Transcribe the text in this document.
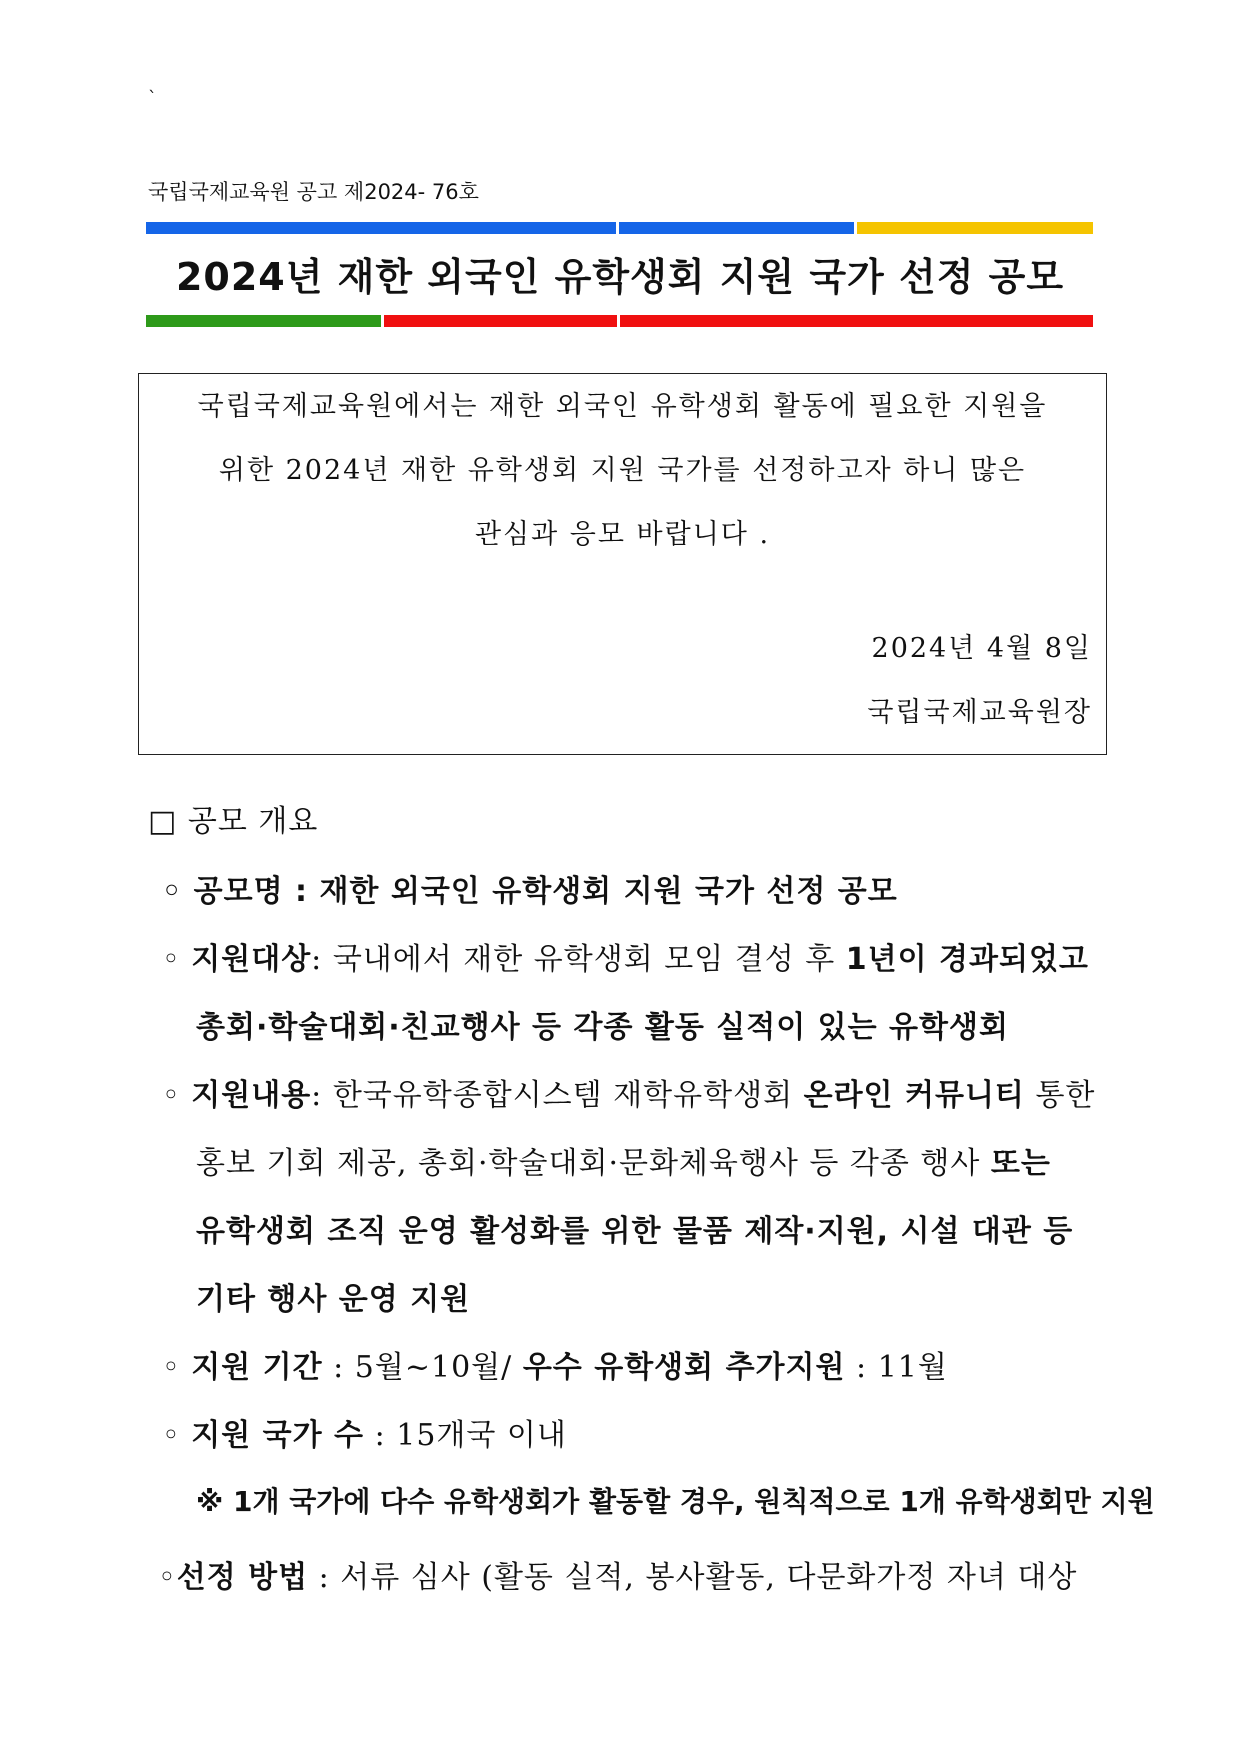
`
국립국제교육원 공고 제2024- 76호
2024년 재한 외국인 유학생회 지원 국가 선정 공모
국립국제교육원에서는 재한 외국인 유학생회 활동에 필요한 지원을
위한 2024년 재한 유학생회 지원 국가를 선정하고자 하니 많은
관심과 응모 바랍니다 .
2024년 4월 8일
국립국제교육원장
□ 공모 개요
◦ 공모명 : 재한 외국인 유학생회 지원 국가 선정 공모
◦ 지원대상: 국내에서 재한 유학생회 모임 결성 후 1년이 경과되었고
총회·학술대회·친교행사 등 각종 활동 실적이 있는 유학생회
◦ 지원내용: 한국유학종합시스템 재학유학생회 온라인 커뮤니티 통한
홍보 기회 제공, 총회·학술대회·문화체육행사 등 각종 행사 또는
유학생회 조직 운영 활성화를 위한 물품 제작·지원, 시설 대관 등
기타 행사 운영 지원
◦ 지원 기간 : 5월~10월/ 우수 유학생회 추가지원 : 11월
◦ 지원 국가 수 : 15개국 이내
※ 1개 국가에 다수 유학생회가 활동할 경우, 원칙적으로 1개 유학생회만 지원
◦선정 방법 : 서류 심사 (활동 실적, 봉사활동, 다문화가정 자녀 대상
